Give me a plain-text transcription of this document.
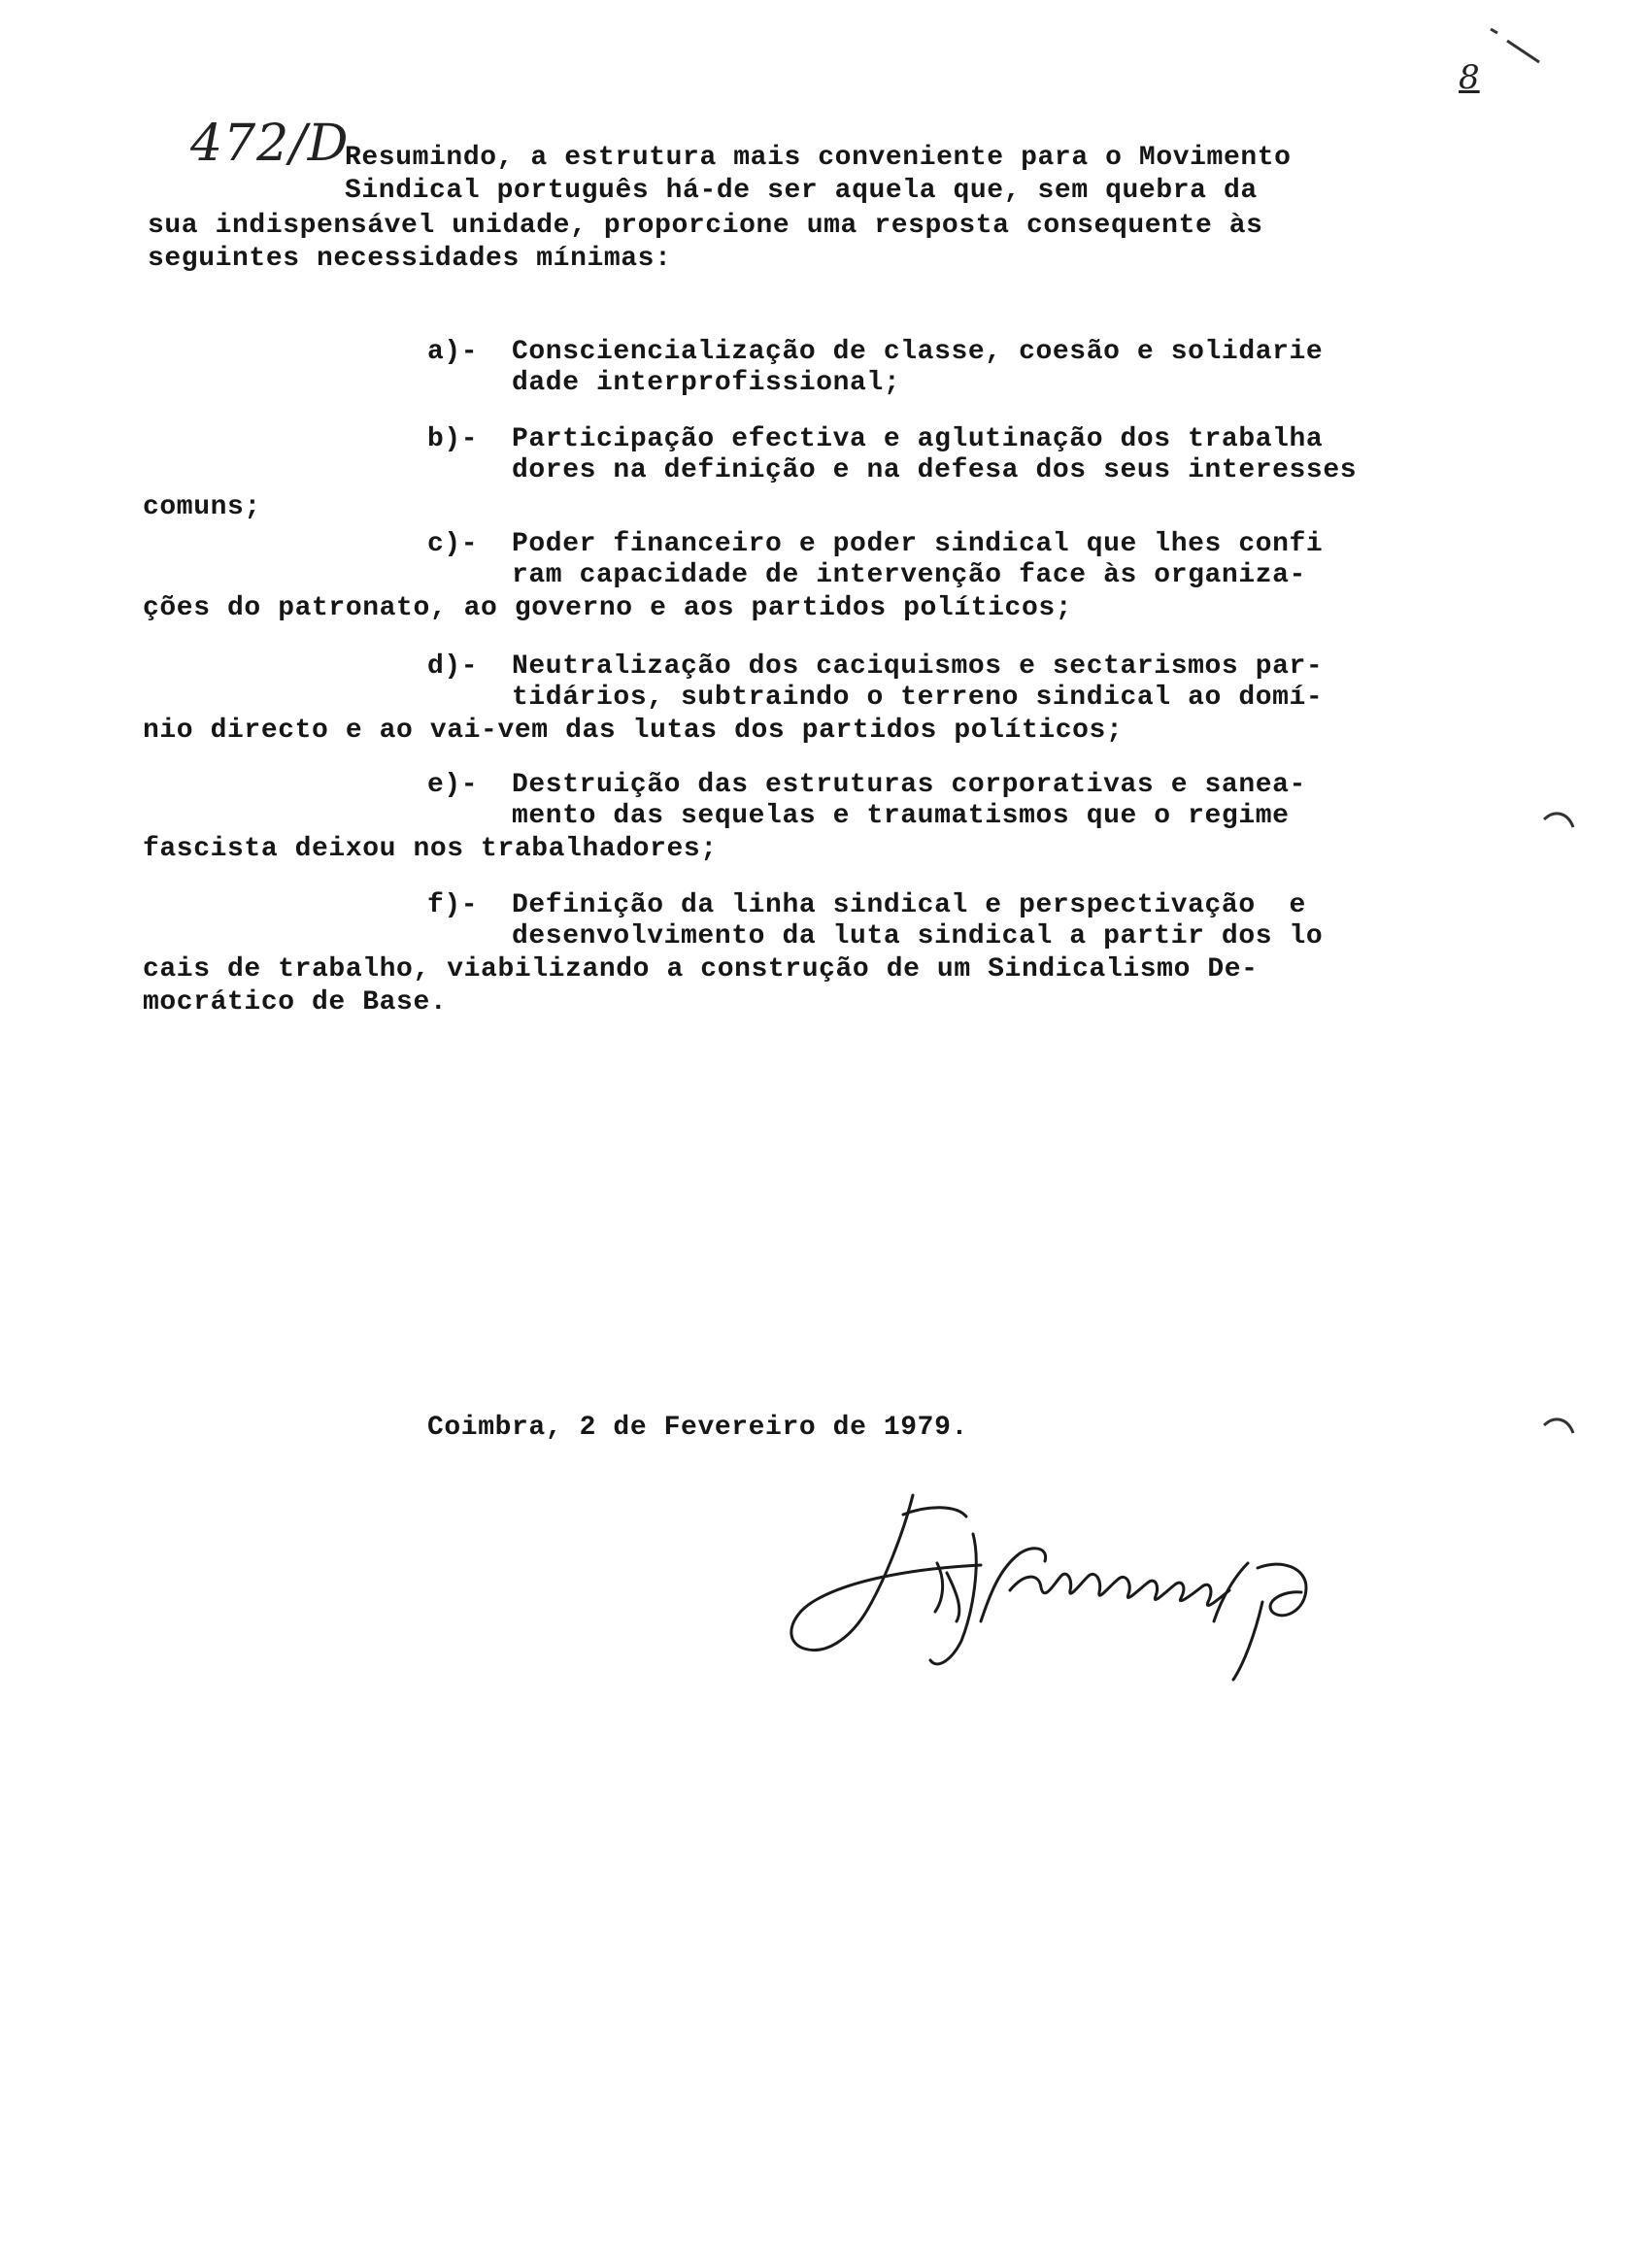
8
472/D
Resumindo, a estrutura mais conveniente para o Movimento
Sindical português há-de ser aquela que, sem quebra da
sua indispensável unidade, proporcione uma resposta consequente às
seguintes necessidades mínimas:
a)- Consciencialização de classe, coesão e solidarie
dade interprofissional;
b)- Participação efectiva e aglutinação dos trabalha
dores na definição e na defesa dos seus interesses
comuns;
c)- Poder financeiro e poder sindical que lhes confi
ram capacidade de intervenção face às organiza-
ções do patronato, ao governo e aos partidos políticos;
d)- Neutralização dos caciquismos e sectarismos par-
tidários, subtraindo o terreno sindical ao domí-
nio directo e ao vai-vem das lutas dos partidos políticos;
e)- Destruição das estruturas corporativas e sanea-
mento das sequelas e traumatismos que o regime
fascista deixou nos trabalhadores;
f)- Definição da linha sindical e perspectivação  e
desenvolvimento da luta sindical a partir dos lo
cais de trabalho, viabilizando a construção de um Sindicalismo De-
mocrático de Base.
Coimbra, 2 de Fevereiro de 1979.
